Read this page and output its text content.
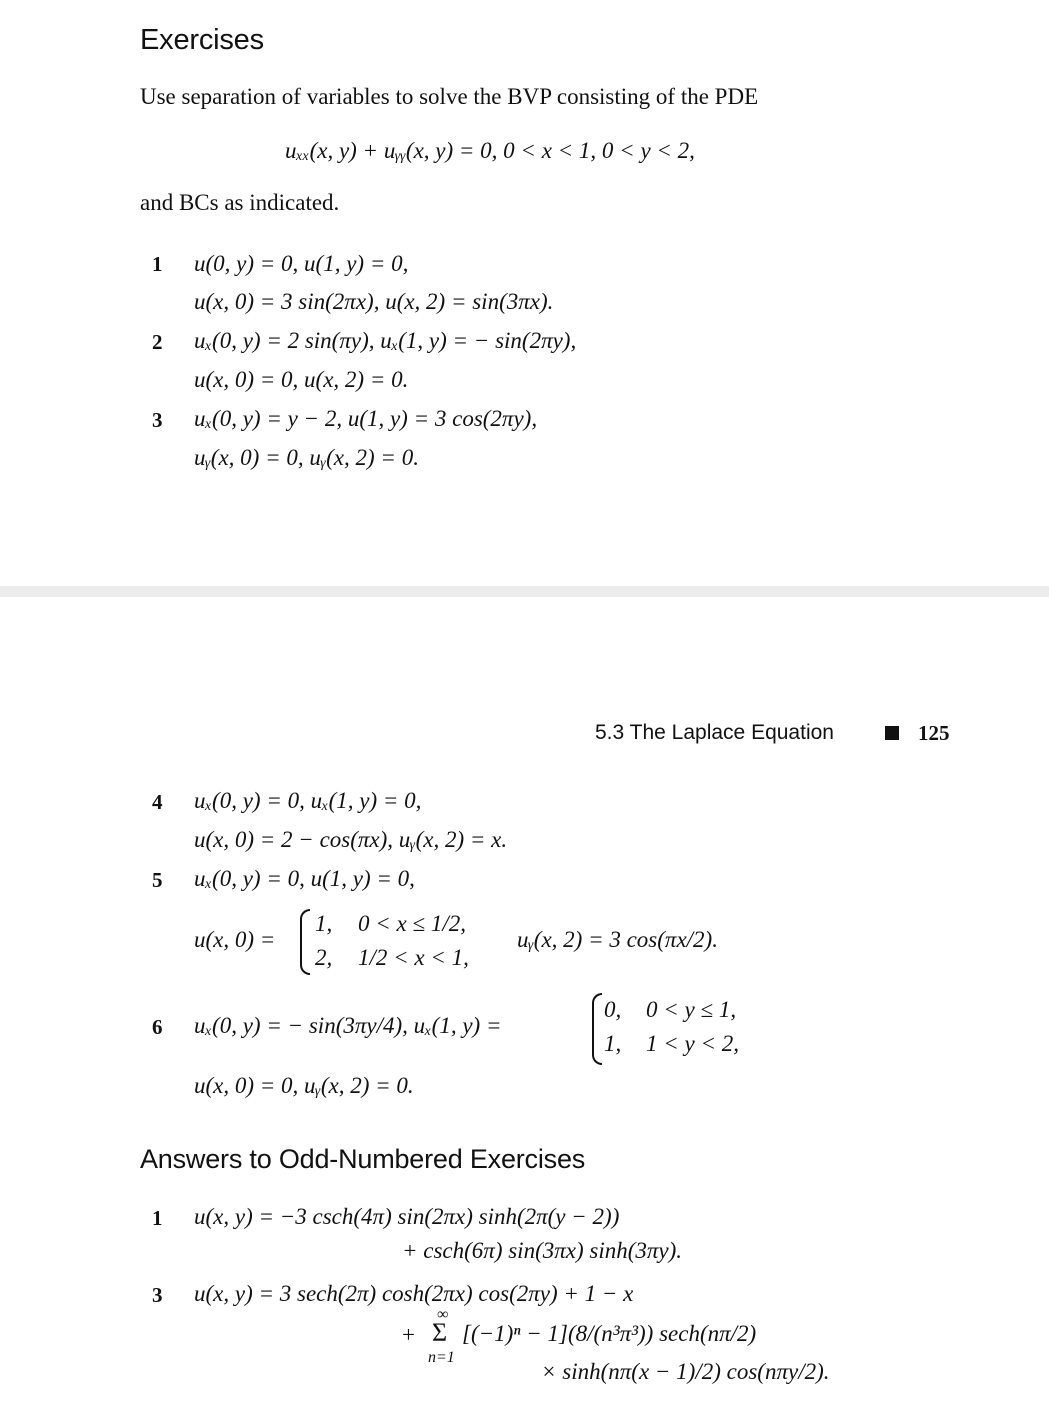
Exercises
Use separation of variables to solve the BVP consisting of the PDE
uₓₓ(x, y) + uᵧᵧ(x, y) = 0, 0 < x < 1, 0 < y < 2,
and BCs as indicated.
1 u(0, y) = 0, u(1, y) = 0,
u(x, 0) = 3 sin(2πx), u(x, 2) = sin(3πx).
2 uₓ(0, y) = 2 sin(πy), uₓ(1, y) = − sin(2πy),
u(x, 0) = 0, u(x, 2) = 0.
3 uₓ(0, y) = y − 2, u(1, y) = 3 cos(2πy),
uᵧ(x, 0) = 0, uᵧ(x, 2) = 0.
5.3 The Laplace Equation	125
4 uₓ(0, y) = 0, uₓ(1, y) = 0,
u(x, 0) = 2 − cos(πx), uᵧ(x, 2) = x.
5 uₓ(0, y) = 0, u(1, y) = 0,
u(x, 0) =
1, 0 < x ≤ 1/2,
2, 1/2 < x < 1,
uᵧ(x, 2) = 3 cos(πx/2).
6 uₓ(0, y) = − sin(3πy/4), uₓ(1, y) =
0, 0 < y ≤ 1,
1, 1 < y < 2,
u(x, 0) = 0, uᵧ(x, 2) = 0.
Answers to Odd-Numbered Exercises
1 u(x, y) = −3 csch(4π) sin(2πx) sinh(2π(y − 2))
+ csch(6π) sin(3πx) sinh(3πy).
3 u(x, y) = 3 sech(2π) cosh(2πx) cos(2πy) + 1 − x
+
∞
Σ
n=1
[(−1)ⁿ − 1](8/(n³π³)) sech(nπ/2)
× sinh(nπ(x − 1)/2) cos(nπy/2).
